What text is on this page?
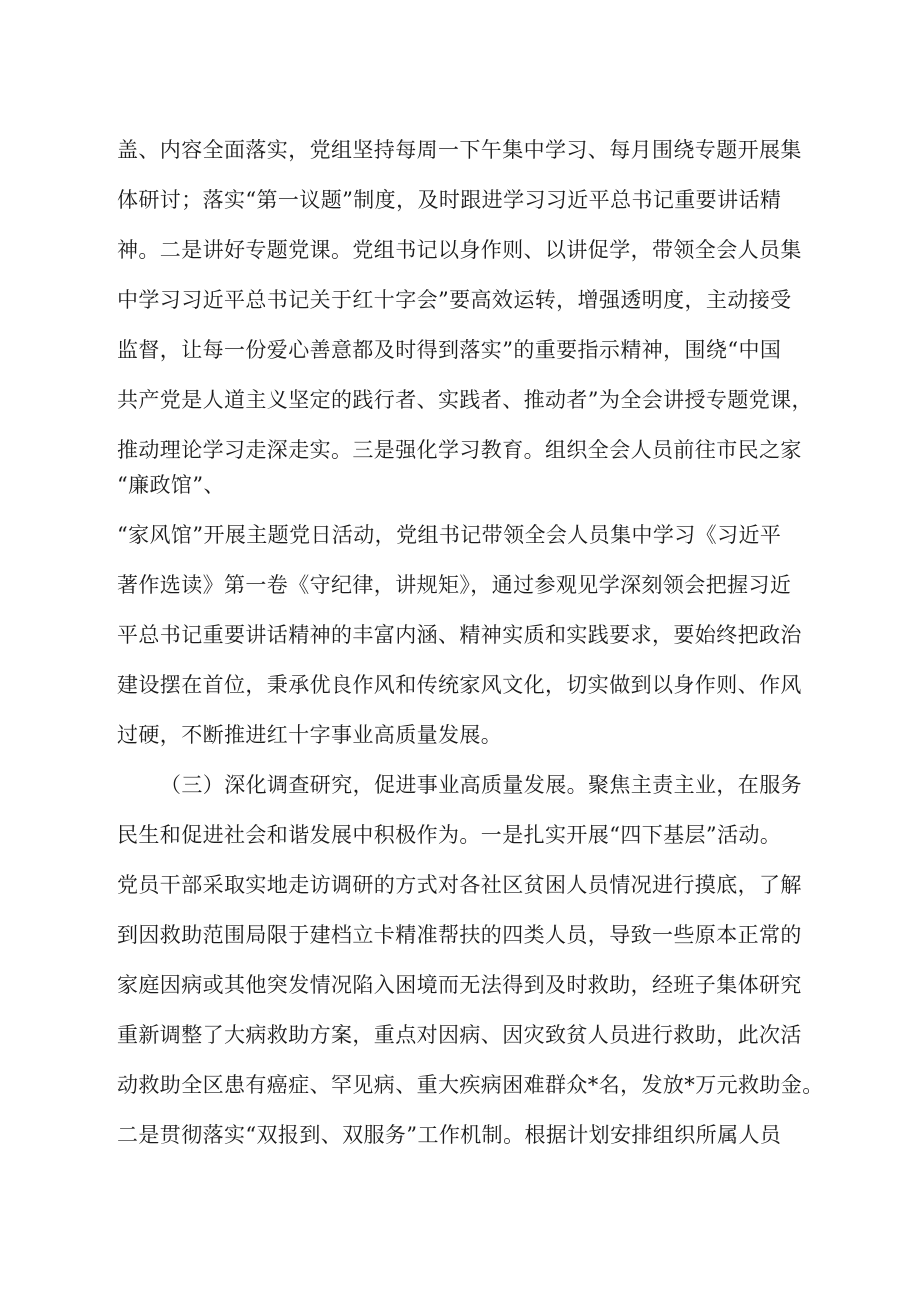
盖、内容全面落实，党组坚持每周一下午集中学习、每月围绕专题开展集
体研讨；落实“第一议题”制度，及时跟进学习习近平总书记重要讲话精
神。二是讲好专题党课。党组书记以身作则、以讲促学，带领全会人员集
中学习习近平总书记关于红十字会”要高效运转，增强透明度，主动接受
监督，让每一份爱心善意都及时得到落实”的重要指示精神，围绕“中国
共产党是人道主义坚定的践行者、实践者、推动者”为全会讲授专题党课，
推动理论学习走深走实。三是强化学习教育。组织全会人员前往市民之家
“廉政馆”、
“家风馆”开展主题党日活动，党组书记带领全会人员集中学习《习近平
著作选读》第一卷《守纪律，讲规矩》，通过参观见学深刻领会把握习近
平总书记重要讲话精神的丰富内涵、精神实质和实践要求，要始终把政治
建设摆在首位，秉承优良作风和传统家风文化，切实做到以身作则、作风
过硬，不断推进红十字事业高质量发展。
（三）深化调查研究，促进事业高质量发展。聚焦主责主业，在服务
民生和促进社会和谐发展中积极作为。一是扎实开展“四下基层”活动。
党员干部采取实地走访调研的方式对各社区贫困人员情况进行摸底，了解
到因救助范围局限于建档立卡精准帮扶的四类人员，导致一些原本正常的
家庭因病或其他突发情况陷入困境而无法得到及时救助，经班子集体研究
重新调整了大病救助方案，重点对因病、因灾致贫人员进行救助，此次活
动救助全区患有癌症、罕见病、重大疾病困难群众*名，发放*万元救助金。
二是贯彻落实“双报到、双服务”工作机制。根据计划安排组织所属人员
